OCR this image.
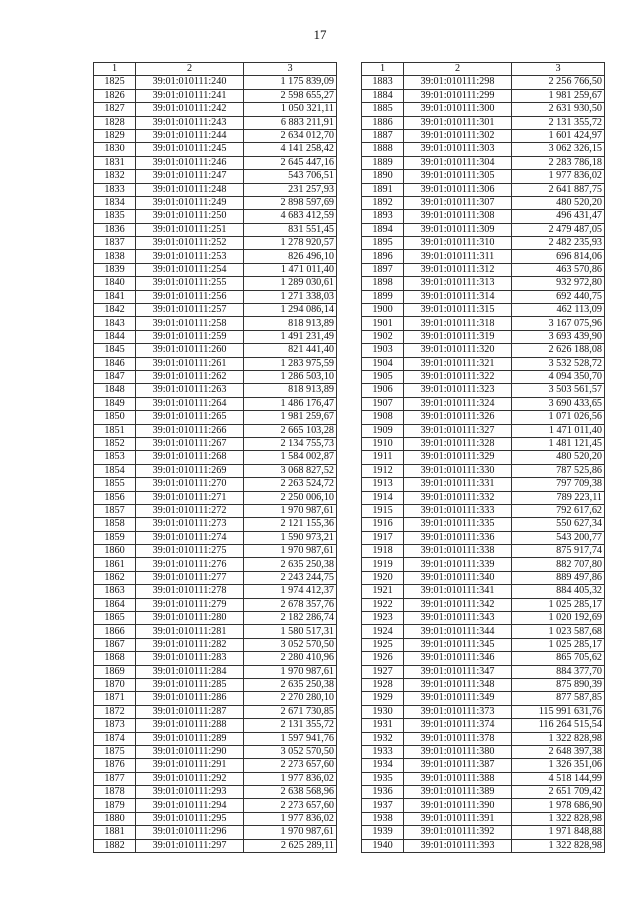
17
1	2	3
1825	39:01:010111:240	1 175 839,09
1826	39:01:010111:241	2 598 655,27
1827	39:01:010111:242	1 050 321,11
1828	39:01:010111:243	6 883 211,91
1829	39:01:010111:244	2 634 012,70
1830	39:01:010111:245	4 141 258,42
1831	39:01:010111:246	2 645 447,16
1832	39:01:010111:247	543 706,51
1833	39:01:010111:248	231 257,93
1834	39:01:010111:249	2 898 597,69
1835	39:01:010111:250	4 683 412,59
1836	39:01:010111:251	831 551,45
1837	39:01:010111:252	1 278 920,57
1838	39:01:010111:253	826 496,10
1839	39:01:010111:254	1 471 011,40
1840	39:01:010111:255	1 289 030,61
1841	39:01:010111:256	1 271 338,03
1842	39:01:010111:257	1 294 086,14
1843	39:01:010111:258	818 913,89
1844	39:01:010111:259	1 491 231,49
1845	39:01:010111:260	821 441,40
1846	39:01:010111:261	1 283 975,59
1847	39:01:010111:262	1 286 503,10
1848	39:01:010111:263	818 913,89
1849	39:01:010111:264	1 486 176,47
1850	39:01:010111:265	1 981 259,67
1851	39:01:010111:266	2 665 103,28
1852	39:01:010111:267	2 134 755,73
1853	39:01:010111:268	1 584 002,87
1854	39:01:010111:269	3 068 827,52
1855	39:01:010111:270	2 263 524,72
1856	39:01:010111:271	2 250 006,10
1857	39:01:010111:272	1 970 987,61
1858	39:01:010111:273	2 121 155,36
1859	39:01:010111:274	1 590 973,21
1860	39:01:010111:275	1 970 987,61
1861	39:01:010111:276	2 635 250,38
1862	39:01:010111:277	2 243 244,75
1863	39:01:010111:278	1 974 412,37
1864	39:01:010111:279	2 678 357,76
1865	39:01:010111:280	2 182 286,74
1866	39:01:010111:281	1 580 517,31
1867	39:01:010111:282	3 052 570,50
1868	39:01:010111:283	2 280 410,96
1869	39:01:010111:284	1 970 987,61
1870	39:01:010111:285	2 635 250,38
1871	39:01:010111:286	2 270 280,10
1872	39:01:010111:287	2 671 730,85
1873	39:01:010111:288	2 131 355,72
1874	39:01:010111:289	1 597 941,76
1875	39:01:010111:290	3 052 570,50
1876	39:01:010111:291	2 273 657,60
1877	39:01:010111:292	1 977 836,02
1878	39:01:010111:293	2 638 568,96
1879	39:01:010111:294	2 273 657,60
1880	39:01:010111:295	1 977 836,02
1881	39:01:010111:296	1 970 987,61
1882	39:01:010111:297	2 625 289,11
1	2	3
1883	39:01:010111:298	2 256 766,50
1884	39:01:010111:299	1 981 259,67
1885	39:01:010111:300	2 631 930,50
1886	39:01:010111:301	2 131 355,72
1887	39:01:010111:302	1 601 424,97
1888	39:01:010111:303	3 062 326,15
1889	39:01:010111:304	2 283 786,18
1890	39:01:010111:305	1 977 836,02
1891	39:01:010111:306	2 641 887,75
1892	39:01:010111:307	480 520,20
1893	39:01:010111:308	496 431,47
1894	39:01:010111:309	2 479 487,05
1895	39:01:010111:310	2 482 235,93
1896	39:01:010111:311	696 814,06
1897	39:01:010111:312	463 570,86
1898	39:01:010111:313	932 972,80
1899	39:01:010111:314	692 440,75
1900	39:01:010111:315	462 113,09
1901	39:01:010111:318	3 167 075,96
1902	39:01:010111:319	3 693 439,90
1903	39:01:010111:320	2 626 188,08
1904	39:01:010111:321	3 532 528,72
1905	39:01:010111:322	4 094 350,70
1906	39:01:010111:323	3 503 561,57
1907	39:01:010111:324	3 690 433,65
1908	39:01:010111:326	1 071 026,56
1909	39:01:010111:327	1 471 011,40
1910	39:01:010111:328	1 481 121,45
1911	39:01:010111:329	480 520,20
1912	39:01:010111:330	787 525,86
1913	39:01:010111:331	797 709,38
1914	39:01:010111:332	789 223,11
1915	39:01:010111:333	792 617,62
1916	39:01:010111:335	550 627,34
1917	39:01:010111:336	543 200,77
1918	39:01:010111:338	875 917,74
1919	39:01:010111:339	882 707,80
1920	39:01:010111:340	889 497,86
1921	39:01:010111:341	884 405,32
1922	39:01:010111:342	1 025 285,17
1923	39:01:010111:343	1 020 192,69
1924	39:01:010111:344	1 023 587,68
1925	39:01:010111:345	1 025 285,17
1926	39:01:010111:346	865 705,62
1927	39:01:010111:347	884 377,70
1928	39:01:010111:348	875 890,39
1929	39:01:010111:349	877 587,85
1930	39:01:010111:373	115 991 631,76
1931	39:01:010111:374	116 264 515,54
1932	39:01:010111:378	1 322 828,98
1933	39:01:010111:380	2 648 397,38
1934	39:01:010111:387	1 326 351,06
1935	39:01:010111:388	4 518 144,99
1936	39:01:010111:389	2 651 709,42
1937	39:01:010111:390	1 978 686,90
1938	39:01:010111:391	1 322 828,98
1939	39:01:010111:392	1 971 848,88
1940	39:01:010111:393	1 322 828,98
